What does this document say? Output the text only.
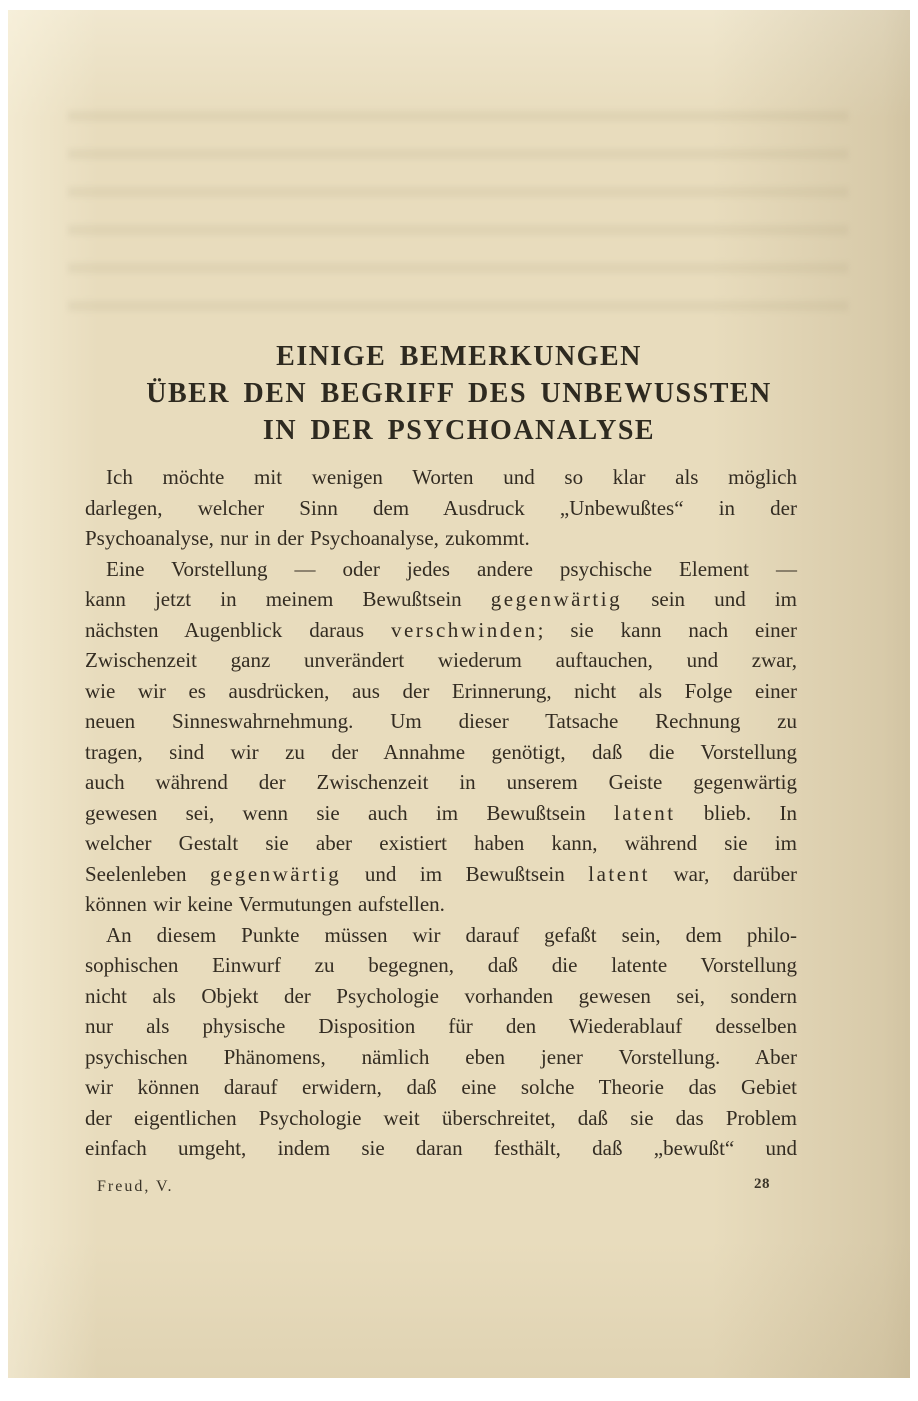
EINIGE BEMERKUNGEN
ÜBER DEN BEGRIFF DES UNBEWUSSTEN
IN DER PSYCHOANALYSE
Ich möchte mit wenigen Worten und so klar als möglich
darlegen, welcher Sinn dem Ausdruck „Unbewußtes“ in der
Psychoanalyse, nur in der Psychoanalyse, zukommt.
Eine Vorstellung — oder jedes andere psychische Element —
kann jetzt in meinem Bewußtsein gegenwärtig sein und im
nächsten Augenblick daraus verschwinden; sie kann nach einer
Zwischenzeit ganz unverändert wiederum auftauchen, und zwar,
wie wir es ausdrücken, aus der Erinnerung, nicht als Folge einer
neuen Sinneswahrnehmung. Um dieser Tatsache Rechnung zu
tragen, sind wir zu der Annahme genötigt, daß die Vorstellung
auch während der Zwischenzeit in unserem Geiste gegenwärtig
gewesen sei, wenn sie auch im Bewußtsein latent blieb. In
welcher Gestalt sie aber existiert haben kann, während sie im
Seelenleben gegenwärtig und im Bewußtsein latent war, darüber
können wir keine Vermutungen aufstellen.
An diesem Punkte müssen wir darauf gefaßt sein, dem philo-
sophischen Einwurf zu begegnen, daß die latente Vorstellung
nicht als Objekt der Psychologie vorhanden gewesen sei, sondern
nur als physische Disposition für den Wiederablauf desselben
psychischen Phänomens, nämlich eben jener Vorstellung. Aber
wir können darauf erwidern, daß eine solche Theorie das Gebiet
der eigentlichen Psychologie weit überschreitet, daß sie das Problem
einfach umgeht, indem sie daran festhält, daß „bewußt“ und
Freud, V.	28
